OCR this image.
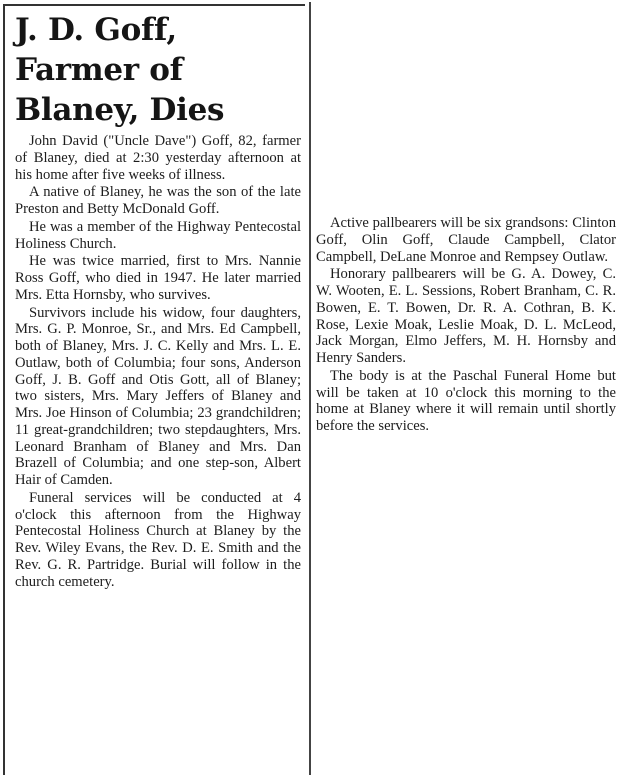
J. D. Goff,
Farmer of
Blaney, Dies

John David ("Uncle Dave") Goff, 82, farmer of Blaney, died at 2:30 yesterday afternoon at his home after five weeks of illness.

A native of Blaney, he was the son of the late Preston and Betty McDonald Goff.

He was a member of the Highway Pentecostal Holiness Church.

He was twice married, first to Mrs. Nannie Ross Goff, who died in 1947. He later married Mrs. Etta Hornsby, who survives.

Survivors include his widow, four daughters, Mrs. G. P. Monroe, Sr., and Mrs. Ed Campbell, both of Blaney, Mrs. J. C. Kelly and Mrs. L. E. Outlaw, both of Columbia; four sons, Anderson Goff, J. B. Goff and Otis Gott, all of Blaney; two sisters, Mrs. Mary Jeffers of Blaney and Mrs. Joe Hinson of Columbia; 23 grandchildren; 11 great-grandchildren; two stepdaughters, Mrs. Leonard Branham of Blaney and Mrs. Dan Brazell of Columbia; and one step-son, Albert Hair of Camden.

Funeral services will be conducted at 4 o'clock this afternoon from the Highway Pentecostal Holiness Church at Blaney by the Rev. Wiley Evans, the Rev. D. E. Smith and the Rev. G. R. Partridge. Burial will follow in the church cemetery.

Active pallbearers will be six grandsons: Clinton Goff, Olin Goff, Claude Campbell, Clator Campbell, DeLane Monroe and Rempsey Outlaw.

Honorary pallbearers will be G. A. Dowey, C. W. Wooten, E. L. Sessions, Robert Branham, C. R. Bowen, E. T. Bowen, Dr. R. A. Cothran, B. K. Rose, Lexie Moak, Leslie Moak, D. L. McLeod, Jack Morgan, Elmo Jeffers, M. H. Hornsby and Henry Sanders.

The body is at the Paschal Funeral Home but will be taken at 10 o'clock this morning to the home at Blaney where it will remain until shortly before the services.
